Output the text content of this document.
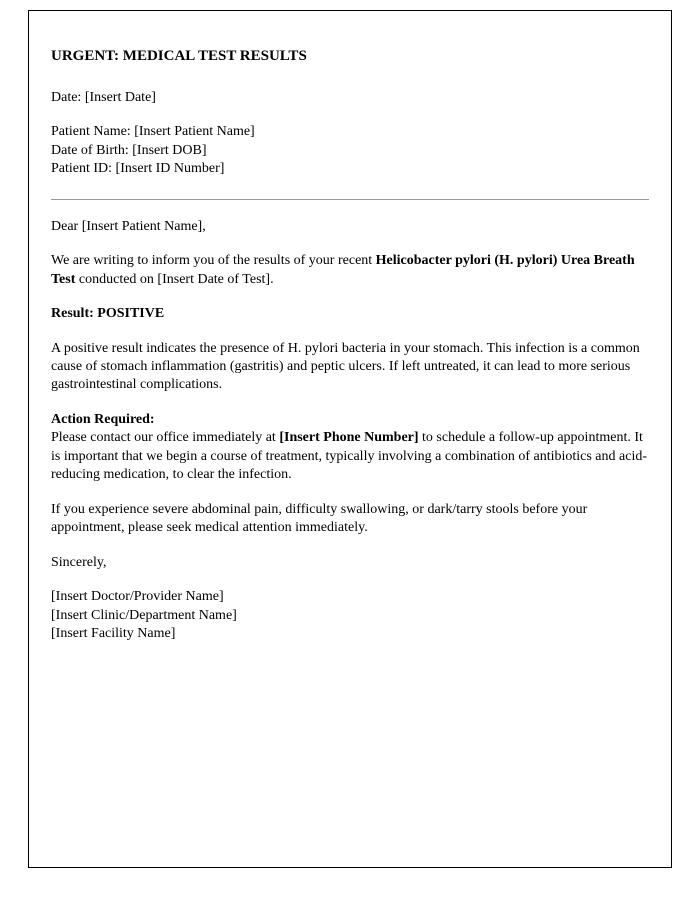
URGENT: MEDICAL TEST RESULTS

Date: [Insert Date]

Patient Name: [Insert Patient Name]

Date of Birth: [Insert DOB]

Patient ID: [Insert ID Number]

Dear [Insert Patient Name],

We are writing to inform you of the results of your recent Helicobacter pylori (H. pylori) Urea Breath Test conducted on [Insert Date of Test].

Result: POSITIVE

A positive result indicates the presence of H. pylori bacteria in your stomach. This infection is a common cause of stomach inflammation (gastritis) and peptic ulcers. If left untreated, it can lead to more serious gastrointestinal complications.

Action Required:

Please contact our office immediately at [Insert Phone Number] to schedule a follow-up appointment. It is important that we begin a course of treatment, typically involving a combination of antibiotics and acid-reducing medication, to clear the infection.

If you experience severe abdominal pain, difficulty swallowing, or dark/tarry stools before your appointment, please seek medical attention immediately.

Sincerely,

[Insert Doctor/Provider Name]

[Insert Clinic/Department Name]

[Insert Facility Name]
